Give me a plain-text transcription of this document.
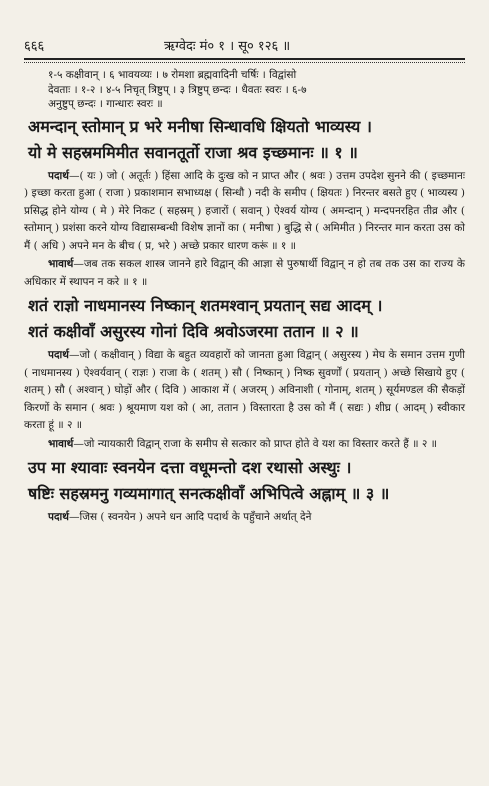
६६६	ऋग्वेदः मं० १ । सू० १२६ ॥
१-५ कक्षीवान् । ६ भावयव्यः । ७ रोमशा ब्रह्मवादिनी चर्षिः । विद्वांसो
देवताः । १-२ । ४-५ निचृत् त्रिष्टुप् । ३ त्रिष्टुप् छन्दः । धैवतः स्वरः । ६-७
अनुष्टुप् छन्दः । गान्धारः स्वरः ॥
अमन्दान् स्तोमान् प्र भरे मनीषा सिन्धावधि क्षियतो भाव्यस्य ।
यो मे सहस्रममिमीत सवानतूर्तो राजा श्रव इच्छमानः ॥ १ ॥

पदार्थ—( यः ) जो ( अतूर्तः ) हिंसा आदि के दुःख को न प्राप्त और ( श्रवः ) उत्तम उपदेश सुनने की ( इच्छमानः ) इच्छा करता हुआ ( राजा ) प्रकाशमान सभाध्यक्ष ( सिन्धौ ) नदी के समीप ( क्षियतः ) निरन्तर बसते हुए ( भाव्यस्य ) प्रसिद्ध होने योग्य ( मे ) मेरे निकट ( सहस्रम् ) हजारों ( सवान् ) ऐश्वर्य योग्य ( अमन्दान् ) मन्दपनरहित तीव्र और ( स्तोमान् ) प्रशंसा करने योग्य विद्यासम्बन्धी विशेष ज्ञानों का ( मनीषा ) बुद्धि से ( अमिमीत ) निरन्तर मान करता उस को मैं ( अधि ) अपने मन के बीच ( प्र, भरे ) अच्छे प्रकार धारण करूं ॥ १ ॥

भावार्थ—जब तक सकल शास्त्र जानने हारे विद्वान् की आज्ञा से पुरुषार्थी विद्वान् न हो तब तक उस का राज्य के अधिकार में स्थापन न करे ॥ १ ॥

शतं राज्ञो नाधमानस्य निष्कान् शतमश्वान् प्रयतान् सद्य आदम् ।
शतं कक्षीवाँ असुरस्य गोनां दिवि श्रवोऽजरमा ततान ॥ २ ॥

पदार्थ—जो ( कक्षीवान् ) विद्या के बहुत व्यवहारों को जानता हुआ विद्वान् ( असुरस्य ) मेघ के समान उत्तम गुणी ( नाधमानस्य ) ऐश्वर्यवान् ( राज्ञः ) राजा के ( शतम् ) सौ ( निष्कान् ) निष्क सुवर्णों ( प्रयतान् ) अच्छे सिखाये हुए ( शतम् ) सौ ( अश्वान् ) घोड़ों और ( दिवि ) आकाश में ( अजरम् ) अविनाशी ( गोनाम्, शतम् ) सूर्यमण्डल की सैकड़ों किरणों के समान ( श्रवः ) श्रूयमाण यश को ( आ, ततान ) विस्तारता है उस को मैं ( सद्यः ) शीघ्र ( आदम् ) स्वीकार करता हूं ॥ २ ॥

भावार्थ—जो न्यायकारी विद्वान् राजा के समीप से सत्कार को प्राप्त होते वे यश का विस्तार करते हैं ॥ २ ॥

उप मा श्यावाः स्वनयेन दत्ता वधूमन्तो दश रथासो अस्थुः ।
षष्टिः सहस्रमनु गव्यमागात् सनत्कक्षीवाँ अभिपित्वे अह्नाम् ॥ ३ ॥

पदार्थ—जिस ( स्वनयेन ) अपने धन आदि पदार्थ के पहुँचाने अर्थात् देने
